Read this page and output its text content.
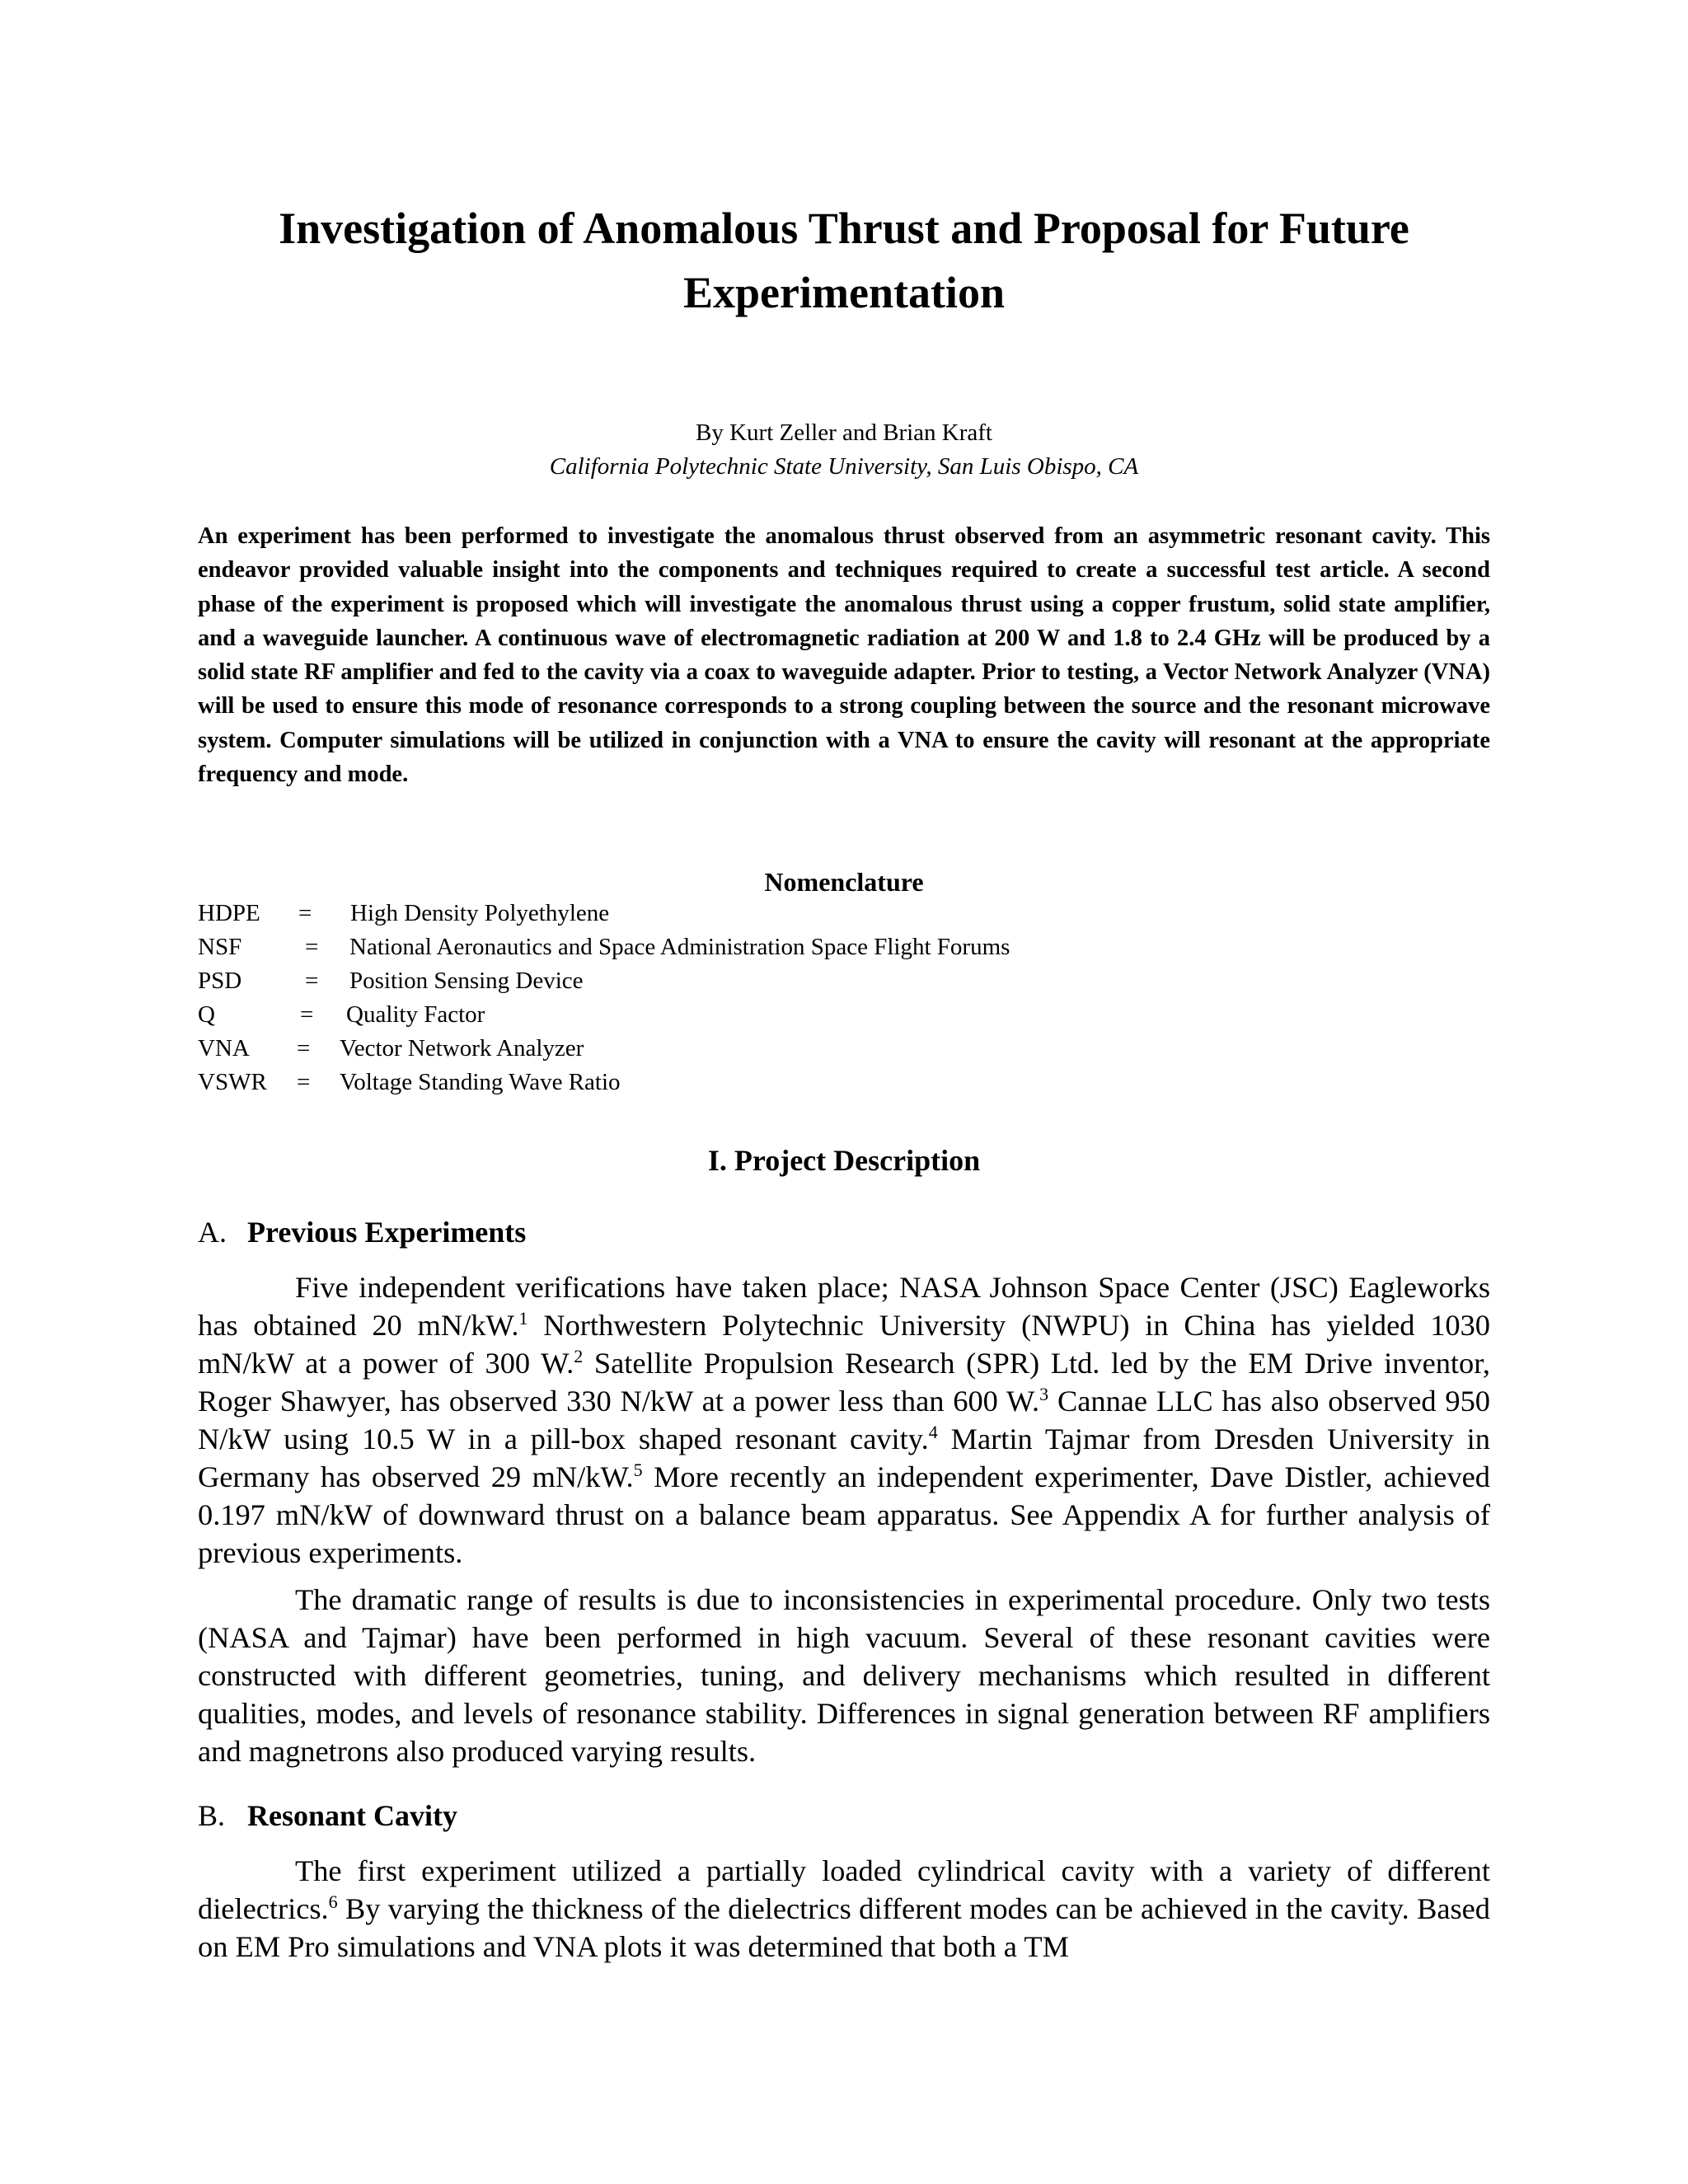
Investigation of Anomalous Thrust and Proposal for Future Experimentation
By Kurt Zeller and Brian Kraft
California Polytechnic State University, San Luis Obispo, CA
An experiment has been performed to investigate the anomalous thrust observed from an asymmetric resonant cavity. This endeavor provided valuable insight into the components and techniques required to create a successful test article. A second phase of the experiment is proposed which will investigate the anomalous thrust using a copper frustum, solid state amplifier, and a waveguide launcher. A continuous wave of electromagnetic radiation at 200 W and 1.8 to 2.4 GHz will be produced by a solid state RF amplifier and fed to the cavity via a coax to waveguide adapter. Prior to testing, a Vector Network Analyzer (VNA) will be used to ensure this mode of resonance corresponds to a strong coupling between the source and the resonant microwave system. Computer simulations will be utilized in conjunction with a VNA to ensure the cavity will resonant at the appropriate frequency and mode.
Nomenclature
HDPE = High Density Polyethylene
NSF	= National Aeronautics and Space Administration Space Flight Forums
PSD	= Position Sensing Device
Q	= Quality Factor
VNA = Vector Network Analyzer
VSWR = Voltage Standing Wave Ratio
I. Project Description
A. Previous Experiments

Five independent verifications have taken place; NASA Johnson Space Center (JSC) Eagleworks has obtained 20 mN/kW.$^1$ Northwestern Polytechnic University (NWPU) in China has yielded 1030 mN/kW at a power of 300 W.$^2$ Satellite Propulsion Research (SPR) Ltd. led by the EM Drive inventor, Roger Shawyer, has observed 330 N/kW at a power less than 600 W.$^3$ Cannae LLC has also observed 950 N/kW using 10.5 W in a pill-box shaped resonant cavity.$^4$ Martin Tajmar from Dresden University in Germany has observed 29 mN/kW.$^5$ More recently an independent experimenter, Dave Distler, achieved 0.197 mN/kW of downward thrust on a balance beam apparatus. See Appendix A for further analysis of previous experiments.

The dramatic range of results is due to inconsistencies in experimental procedure. Only two tests (NASA and Tajmar) have been performed in high vacuum. Several of these resonant cavities were constructed with different geometries, tuning, and delivery mechanisms which resulted in different qualities, modes, and levels of resonance stability. Differences in signal generation between RF amplifiers and magnetrons also produced varying results.

B. Resonant Cavity

The first experiment utilized a partially loaded cylindrical cavity with a variety of different dielectrics.$^6$ By varying the thickness of the dielectrics different modes can be achieved in the cavity. Based on EM Pro simulations and VNA plots it was determined that both a TM
